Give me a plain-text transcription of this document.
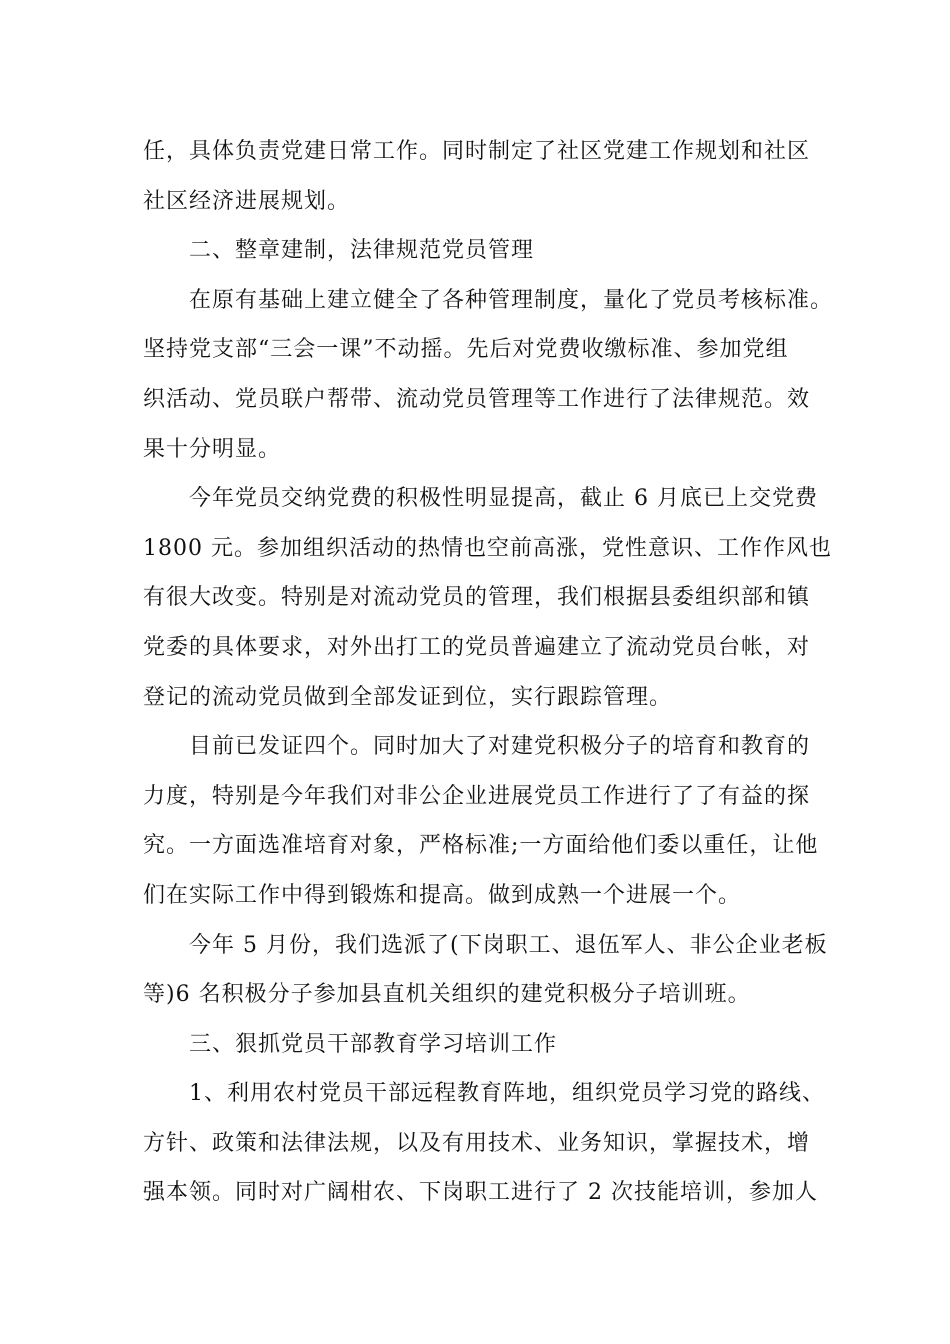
任，具体负责党建日常工作。同时制定了社区党建工作规划和社区
社区经济进展规划。
二、整章建制，法律规范党员管理
在原有基础上建立健全了各种管理制度，量化了党员考核标准。
坚持党支部“三会一课”不动摇。先后对党费收缴标准、参加党组
织活动、党员联户帮带、流动党员管理等工作进行了法律规范。效
果十分明显。
今年党员交纳党费的积极性明显提高，截止 6 月底已上交党费
1800 元。参加组织活动的热情也空前高涨，党性意识、工作作风也
有很大改变。特别是对流动党员的管理，我们根据县委组织部和镇
党委的具体要求，对外出打工的党员普遍建立了流动党员台帐，对
登记的流动党员做到全部发证到位，实行跟踪管理。
目前已发证四个。同时加大了对建党积极分子的培育和教育的
力度，特别是今年我们对非公企业进展党员工作进行了了有益的探
究。一方面选准培育对象，严格标准;一方面给他们委以重任，让他
们在实际工作中得到锻炼和提高。做到成熟一个进展一个。
今年 5 月份，我们选派了(下岗职工、退伍军人、非公企业老板
等)6 名积极分子参加县直机关组织的建党积极分子培训班。
三、狠抓党员干部教育学习培训工作
1、利用农村党员干部远程教育阵地，组织党员学习党的路线、
方针、政策和法律法规，以及有用技术、业务知识，掌握技术，增
强本领。同时对广阔柑农、下岗职工进行了 2 次技能培训，参加人
